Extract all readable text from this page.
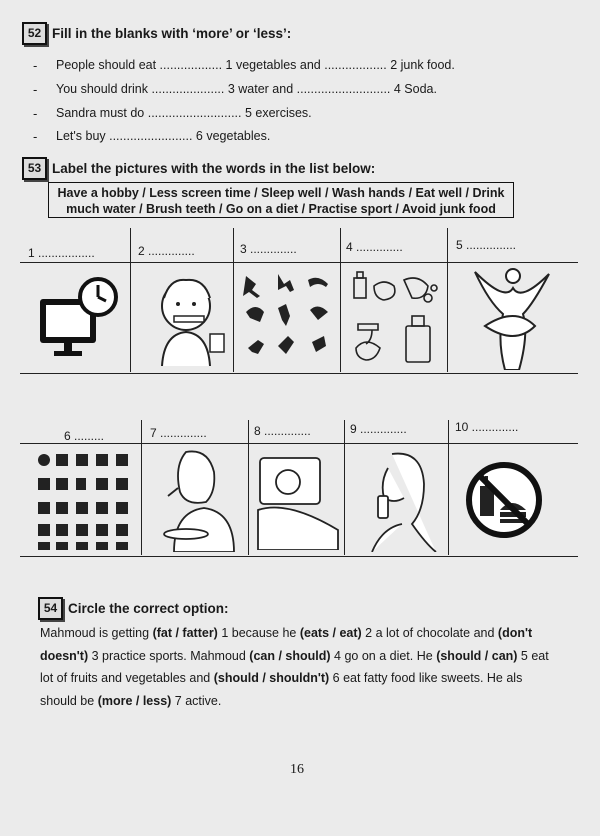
52 Fill in the blanks with ‘more’ or ‘less’:
- People should eat .................. 1 vegetables and .................. 2 junk food.
- You should drink ..................... 3 water and ........................... 4 Soda.
- Sandra must do ........................... 5 exercises.
- Let's buy ........................ 6 vegetables.
53 Label the pictures with the words in the list below:
Have a hobby / Less screen time / Sleep well / Wash hands / Eat well / Drink
much water / Brush teeth / Go on a diet / Practise sport / Avoid junk food
1 .................	2 ..............	3 ..............	4 ..............	5 ...............
6 .........	7 ..............	8 ..............	9 ..............	10 ..............
54 Circle the correct option:
Mahmoud is getting (fat / fatter) 1 because he (eats / eat) 2 a lot of chocolate and (don't doesn't) 3 practice sports. Mahmoud (can / should) 4 go on a diet. He (should / can) 5 eat lot of fruits and vegetables and (should / shouldn't) 6 eat fatty food like sweets. He als should be (more / less) 7 active.
16
